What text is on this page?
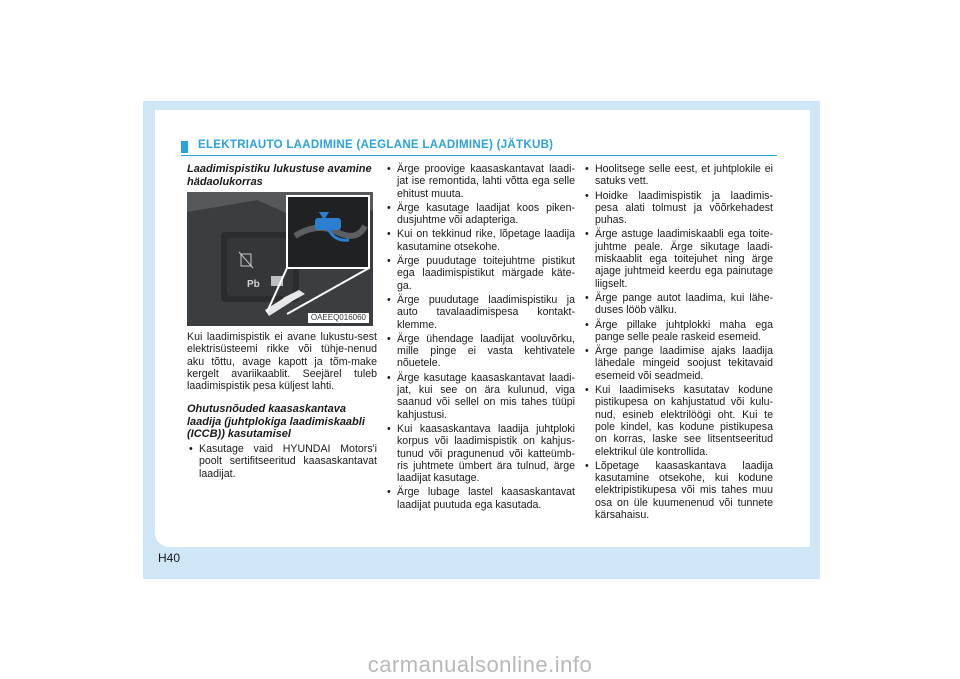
ELEKTRIAUTO LAADIMINE (AEGLANE LAADIMINE) (JÄTKUB)
Laadimispistiku lukustuse avamine hädaolukorras
Pb
OAEEQ016060

Kui laadimispistik ei avane lukustu-sest elektrisüsteemi rikke või tühje-nenud aku tõttu, avage kapott ja tõm-make kergelt avariikaablit. Seejärel tuleb laadimispistik pesa küljest lahti.

Ohutusnõuded kaasaskantava laadija (juhtplokiga laadimiskaabli (ICCB)) kasutamisel
• Kasutage vaid HYUNDAI Motors'i poolt sertifitseeritud kaasaskantavat laadijat.
• Ärge proovige kaasaskantavat laadi-jat ise remontida, lahti võtta ega selle ehitust muuta.
• Ärge kasutage laadijat koos piken-dusjuhtme või adapteriga.
• Kui on tekkinud rike, lõpetage laadija kasutamine otsekohe.
• Ärge puudutage toitejuhtme pistikut ega laadimispistikut märgade käte-ga.
• Ärge puudutage laadimispistiku ja auto tavalaadimispesa kontakt-klemme.
• Ärge ühendage laadijat vooluvõrku, mille pinge ei vasta kehtivatele nõuetele.
• Ärge kasutage kaasaskantavat laadi-jat, kui see on ära kulunud, viga saanud või sellel on mis tahes tüüpi kahjustusi.
• Kui kaasaskantava laadija juhtploki korpus või laadimispistik on kahjus-tunud või pragunenud või katteümb-ris juhtmete ümbert ära tulnud, ärge laadijat kasutage.
• Ärge lubage lastel kaasaskantavat laadijat puutuda ega kasutada.
• Hoolitsege selle eest, et juhtplokile ei satuks vett.
• Hoidke laadimispistik ja laadimis-pesa alati tolmust ja võõrkehadest puhas.
• Ärge astuge laadimiskaabli ega toite-juhtme peale. Ärge sikutage laadi-miskaablit ega toitejuhet ning ärge ajage juhtmeid keerdu ega painutage liigselt.
• Ärge pange autot laadima, kui lähe-duses lööb välku.
• Ärge pillake juhtplokki maha ega pange selle peale raskeid esemeid.
• Ärge pange laadimise ajaks laadija lähedale mingeid soojust tekitavaid esemeid või seadmeid.
• Kui laadimiseks kasutatav kodune pistikupesa on kahjustatud või kulu-nud, esineb elektrilöögi oht. Kui te pole kindel, kas kodune pistikupesa on korras, laske see litsentseeritud elektrikul üle kontrollida.
• Lõpetage kaasaskantava laadija kasutamine otsekohe, kui kodune elektripistikupesa või mis tahes muu osa on üle kuumenenud või tunnete kärsahaisu.
H40
carmanualsonline.info
